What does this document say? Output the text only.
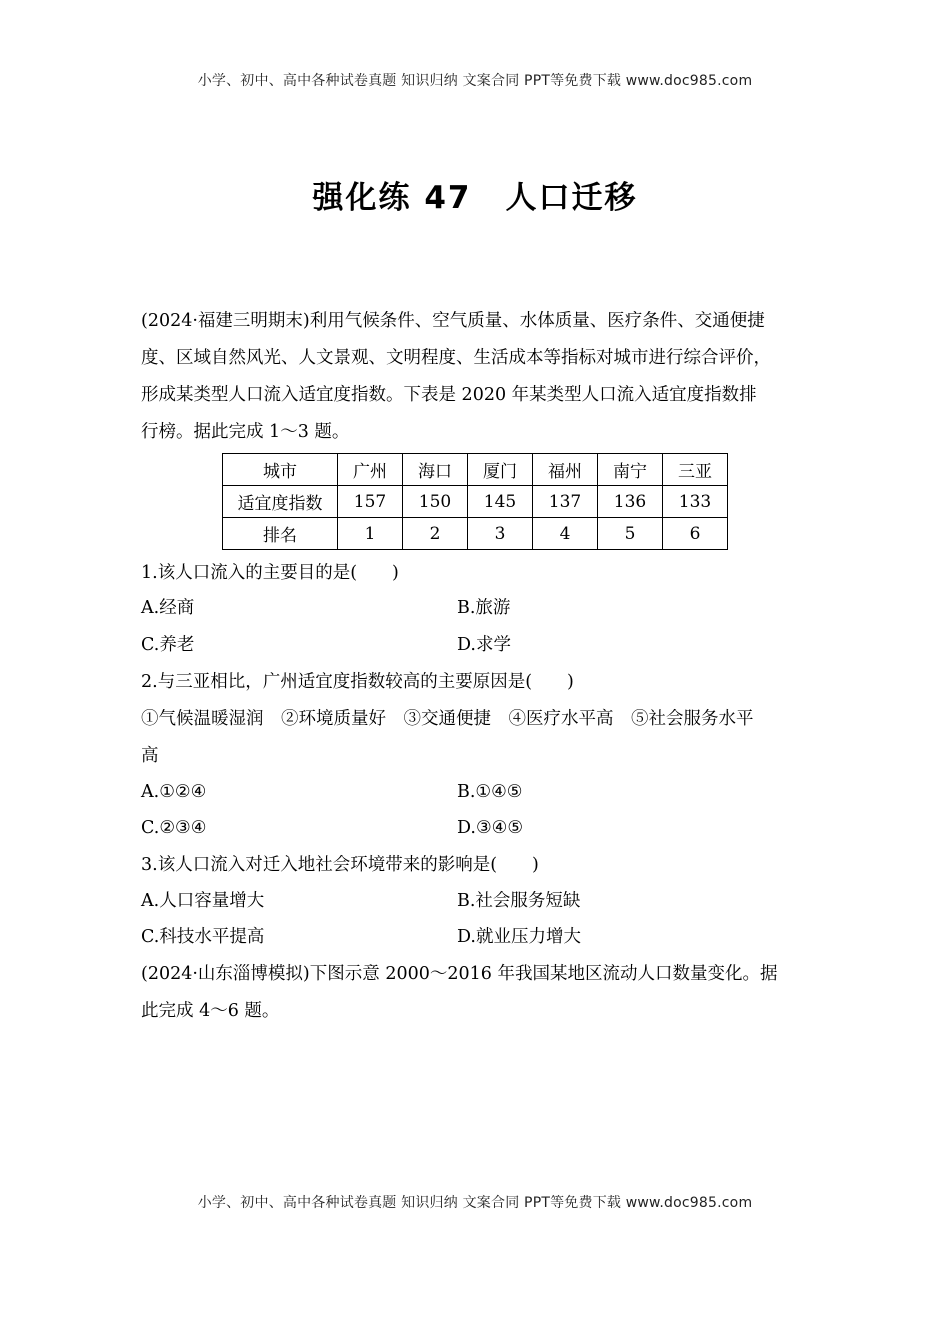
小学、初中、高中各种试卷真题 知识归纳 文案合同 PPT等免费下载 www.doc985.com
强化练 47 人口迁移
(2024·福建三明期末)利用气候条件、空气质量、水体质量、医疗条件、交通便捷
度、区域自然风光、人文景观、文明程度、生活成本等指标对城市进行综合评价，
形成某类型人口流入适宜度指数。下表是 2020 年某类型人口流入适宜度指数排
行榜。据此完成 1～3 题。
城市	广州	海口	厦门	福州	南宁	三亚
适宜度指数	157	150	145	137	136	133
排名	1	2	3	4	5	6
1.该人口流入的主要目的是(　　)
A.经商	B.旅游
C.养老	D.求学
2.与三亚相比，广州适宜度指数较高的主要原因是(　　)
①气候温暖湿润　②环境质量好　③交通便捷　④医疗水平高　⑤社会服务水平
高
A.①②④	B.①④⑤
C.②③④	D.③④⑤
3.该人口流入对迁入地社会环境带来的影响是(　　)
A.人口容量增大	B.社会服务短缺
C.科技水平提高	D.就业压力增大
(2024·山东淄博模拟)下图示意 2000～2016 年我国某地区流动人口数量变化。据
此完成 4～6 题。
小学、初中、高中各种试卷真题 知识归纳 文案合同 PPT等免费下载 www.doc985.com
